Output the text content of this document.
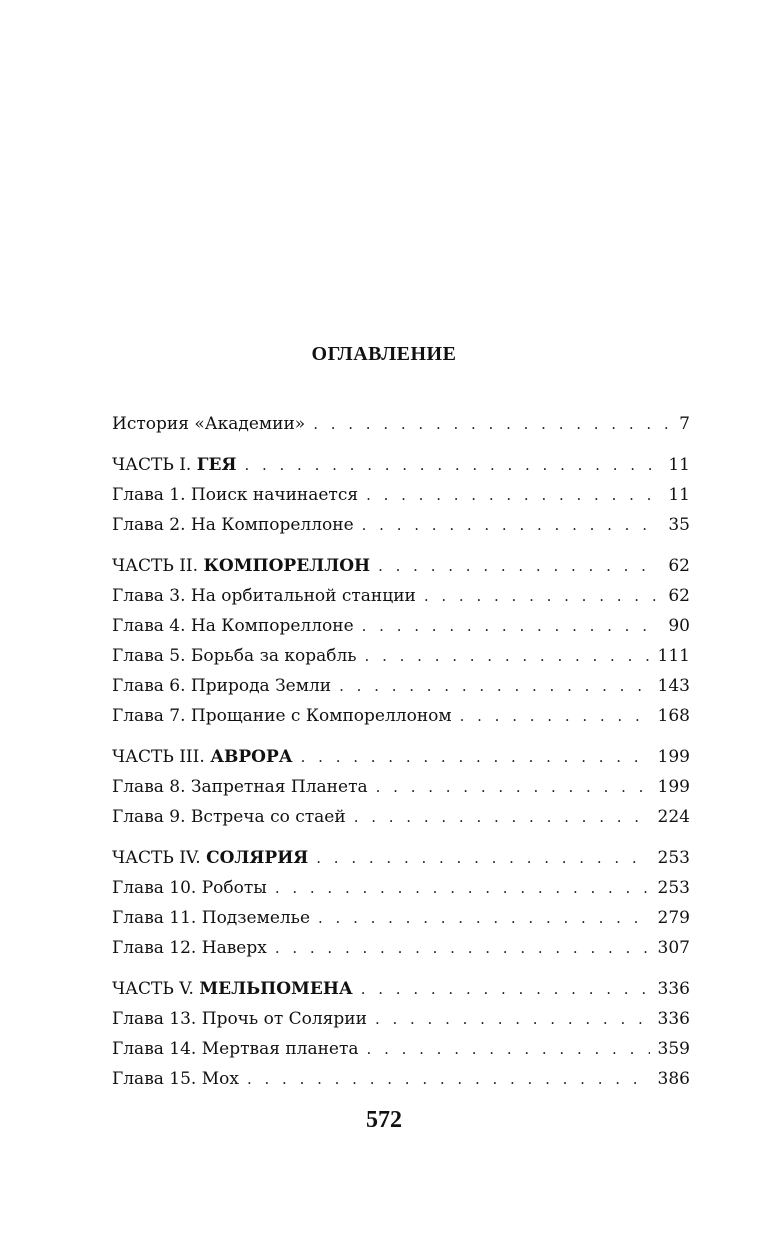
ОГЛАВЛЕНИЕ
История «Академии» . . .	7
ЧАСТЬ I. ГЕЯ . . .	11
Глава 1. Поиск начинается . . .	11
Глава 2. На Компореллоне . . .	35
ЧАСТЬ II. КОМПОРЕЛЛОН . . .	62
Глава 3. На орбитальной станции . . .	62
Глава 4. На Компореллоне . . .	90
Глава 5. Борьба за корабль . . .	111
Глава 6. Природа Земли . . .	143
Глава 7. Прощание с Компореллоном . . .	168
ЧАСТЬ III. АВРОРА . . .	199
Глава 8. Запретная Планета . . .	199
Глава 9. Встреча со стаей . . .	224
ЧАСТЬ IV. СОЛЯРИЯ . . .	253
Глава 10. Роботы . . .	253
Глава 11. Подземелье . . .	279
Глава 12. Наверх . . .	307
ЧАСТЬ V. МЕЛЬПОМЕНА . . .	336
Глава 13. Прочь от Солярии . . .	336
Глава 14. Мертвая планета . . .	359
Глава 15. Мох . . .	386
572
